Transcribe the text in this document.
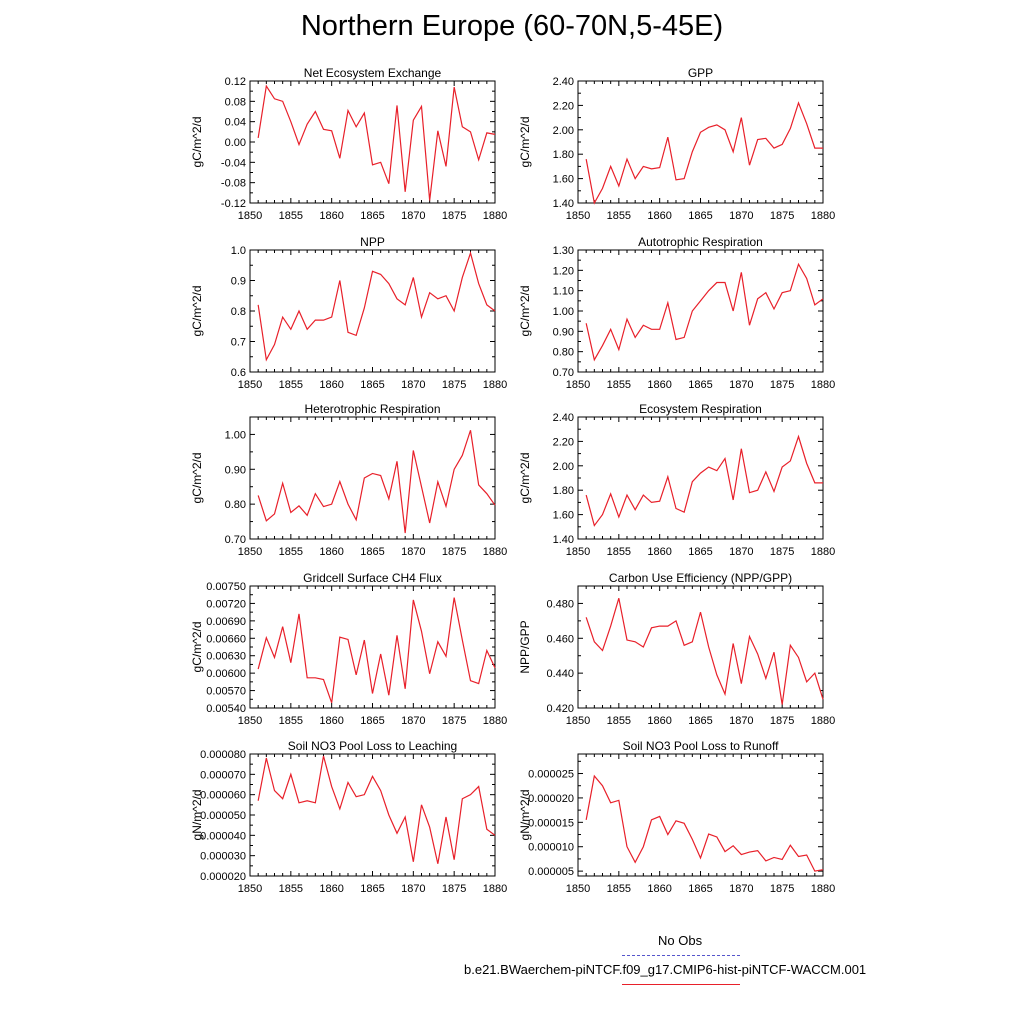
Northern Europe (60-70N,5-45E)
Net Ecosystem Exchange
gC/m^2/d
1850 1855 1860 1865 1870 1875 1880
-0.12
-0.08
-0.04
0.00
0.04
0.08
0.12
GPP
gC/m^2/d
1850 1855 1860 1865 1870 1875 1880
1.40
1.60
1.80
2.00
2.20
2.40
NPP
gC/m^2/d
1850 1855 1860 1865 1870 1875 1880
0.6
0.7
0.8
0.9
1.0
Autotrophic Respiration
gC/m^2/d
1850 1855 1860 1865 1870 1875 1880
0.70
0.80
0.90
1.00
1.10
1.20
1.30
Heterotrophic Respiration
gC/m^2/d
1850 1855 1860 1865 1870 1875 1880
0.70
0.80
0.90
1.00
Ecosystem Respiration
gC/m^2/d
1850 1855 1860 1865 1870 1875 1880
1.40
1.60
1.80
2.00
2.20
2.40
Gridcell Surface CH4 Flux
gC/m^2/d
1850 1855 1860 1865 1870 1875 1880
0.00540
0.00570
0.00600
0.00630
0.00660
0.00690
0.00720
0.00750
Carbon Use Efficiency (NPP/GPP)
NPP/GPP
1850 1855 1860 1865 1870 1875 1880
0.420
0.440
0.460
0.480
Soil NO3 Pool Loss to Leaching
gN/m^2/d
1850 1855 1860 1865 1870 1875 1880
0.000020
0.000030
0.000040
0.000050
0.000060
0.000070
0.000080
Soil NO3 Pool Loss to Runoff
gN/m^2/d
1850 1855 1860 1865 1870 1875 1880
0.000005
0.000010
0.000015
0.000020
0.000025
No Obs
b.e21.BWaerchem-piNTCF.f09_g17.CMIP6-hist-piNTCF-WACCM.001
